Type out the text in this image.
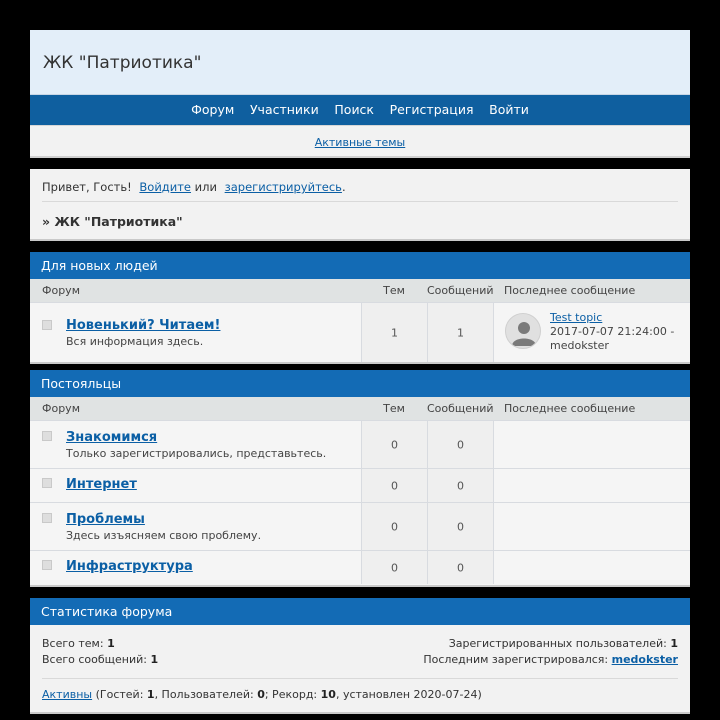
ЖК "Патриотика"
Форум Участники Поиск Регистрация Войти
Активные темы
Привет, Гость! Войдите или зарегистрируйтесь.
» ЖК "Патриотика"
Для новых людей
Форум	Тем	Сообщений Последнее сообщение
Новенький? Читаем!
Вся информация здесь.
1	1
Test topic
2017-07-07 21:24:00 -
medokster
Постояльцы
Форум	Тем	Сообщений Последнее сообщение
Знакомимся
Только зарегистрировались, представьтесь.
0	0
Интернет	0	0
Проблемы
Здесь изъясняем свою проблему.
0	0
Инфраструктура	0	0
Статистика форума
Всего тем: 1
Всего сообщений: 1
Зарегистрированных пользователей: 1
Последним зарегистрировался: medokster
Активны (Гостей: 1, Пользователей: 0; Рекорд: 10, установлен 2020-07-24)
